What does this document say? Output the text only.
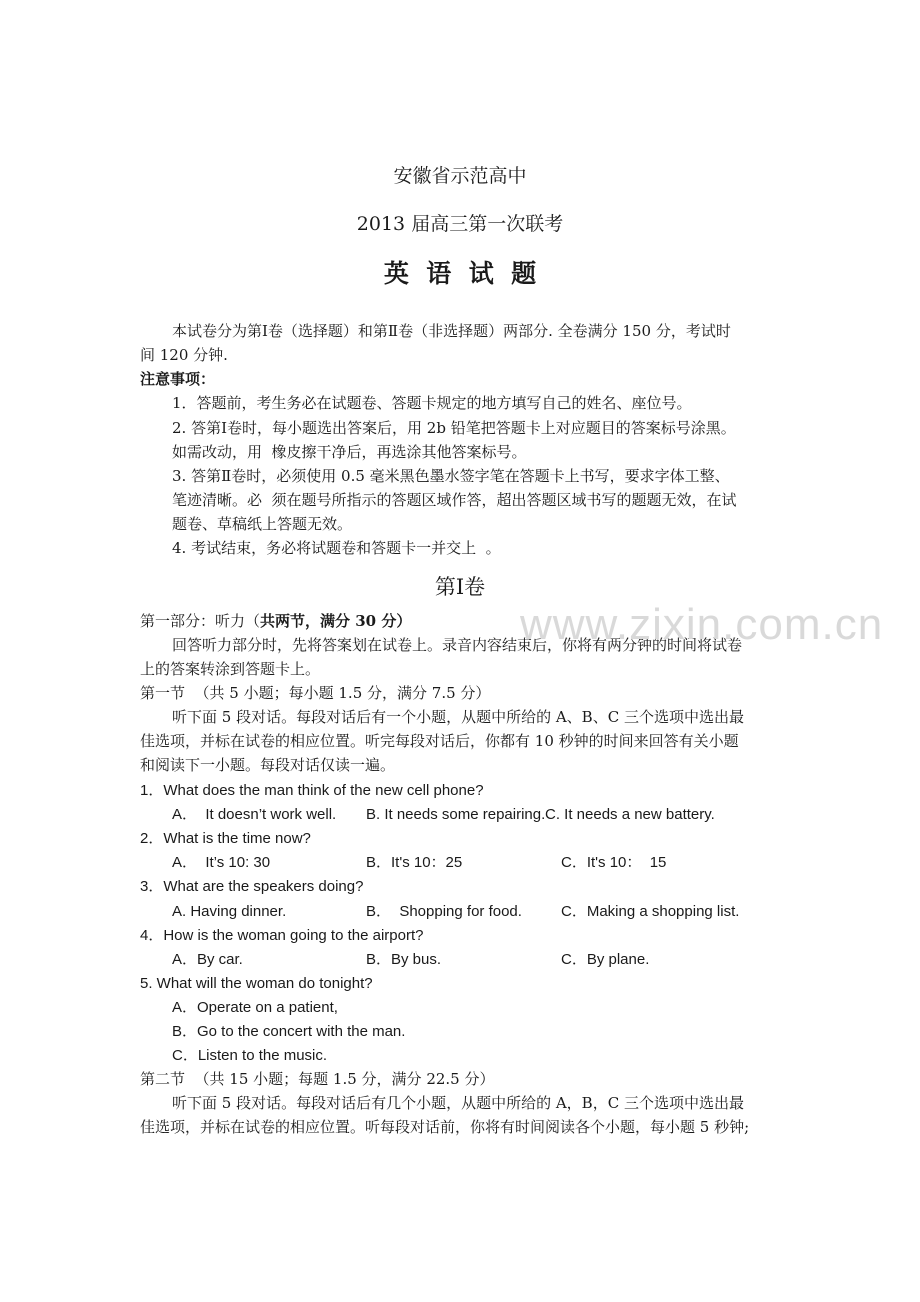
安徽省示范高中
2013 届高三第一次联考
英  语  试  题
本试卷分为第Ⅰ卷（选择题）和第Ⅱ卷（非选择题）两部分. 全卷满分 150 分，考试时
间 120 分钟.
注意事项：
1．答题前，考生务必在试题卷、答题卡规定的地方填写自己的姓名、座位号。
2. 答第Ⅰ卷时，每小题选出答案后，用 2b 铅笔把答题卡上对应题目的答案标号涂黑。
如需改动，用  橡皮擦干净后，再选涂其他答案标号。
3. 答第Ⅱ卷时，必须使用 0.5 毫米黑色墨水签字笔在答题卡上书写，要求字体工整、
笔迹清晰。必  须在题号所指示的答题区域作答，超出答题区域书写的题题无效，在试
题卷、草稿纸上答题无效。
4. 考试结束，务必将试题卷和答题卡一并交上  。
第Ⅰ卷
第一部分：听力（共两节，满分 30 分）
回答听力部分时，先将答案划在试卷上。录音内容结束后，你将有两分钟的时间将试卷
上的答案转涂到答题卡上。
第一节  （共 5 小题；每小题 1.5 分，满分 7.5 分）
听下面 5 段对话。每段对话后有一个小题，从题中所给的 A、B、C 三个选项中选出最
佳选项，并标在试卷的相应位置。听完每段对话后，你都有 10 秒钟的时间来回答有关小题
和阅读下一小题。每段对话仅读一遍。
1．What does the man think of the new cell phone?
A．  It doesn’t work well. B. It needs some repairing. C. It needs a new battery.
2．What is the time now?
A．  It’s 10: 30	B．It's 10：25	C．It's 10：  15
3．What are the speakers doing?
A. Having dinner.	B．  Shopping for food.	C．Making a shopping list.
4．How is the woman going to the airport?
A．By car.	B．By bus.	C．By plane.
5. What will the woman do tonight?
A．Operate on a patient,
B．Go to the concert with the man.
C．Listen to the music.
第二节  （共 15 小题；每题 1.5 分，满分 22.5 分）
听下面 5 段对话。每段对话后有几个小题，从题中所给的 A，B，C 三个选项中选出最
佳选项，并标在试卷的相应位置。听每段对话前，你将有时间阅读各个小题，每小题 5 秒钟;
www.zixin.com.cn
